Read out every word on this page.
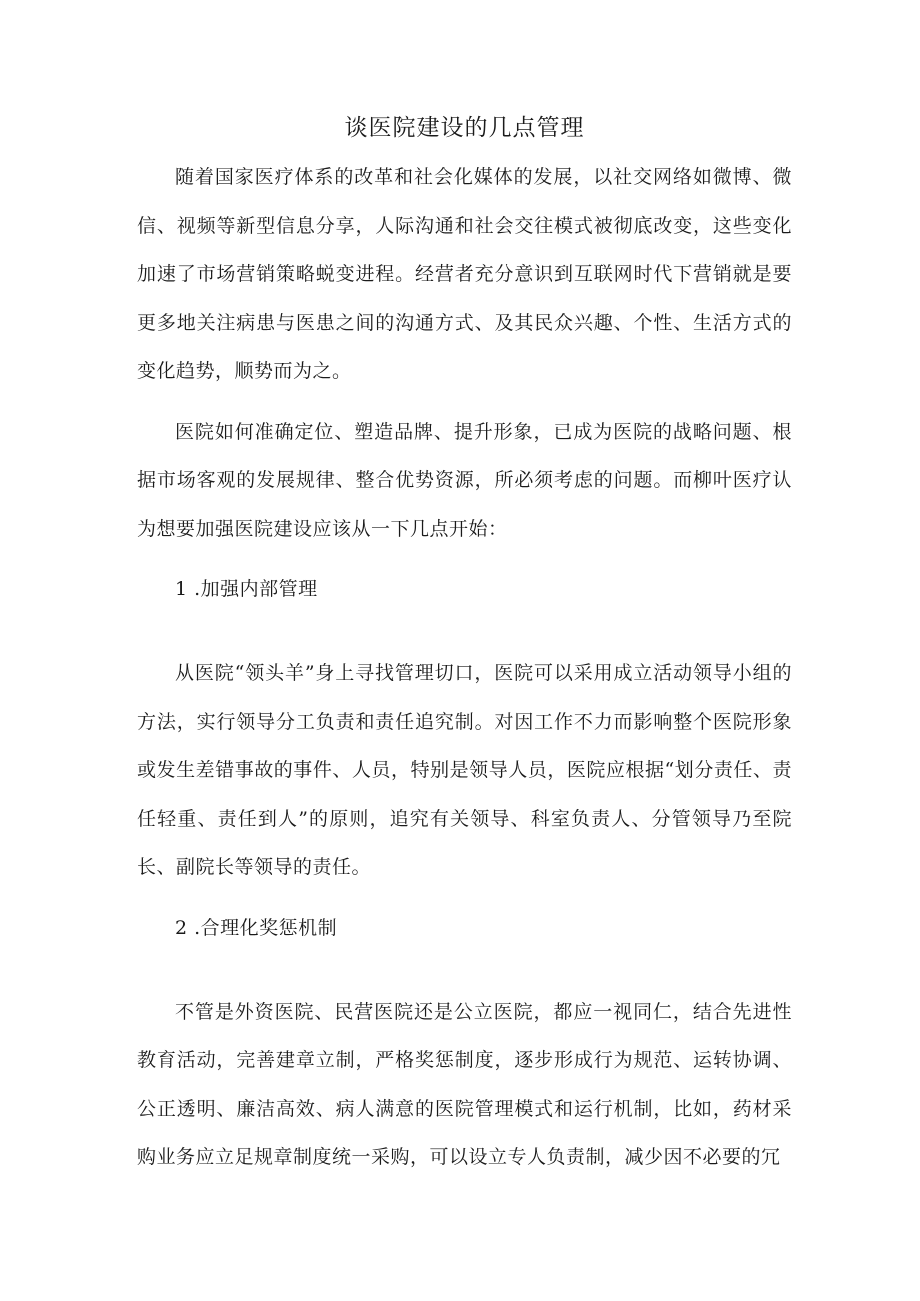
谈医院建设的几点管理

随着国家医疗体系的改革和社会化媒体的发展，以社交网络如微博、微信、视频等新型信息分享，人际沟通和社会交往模式被彻底改变，这些变化加速了市场营销策略蜕变进程。经营者充分意识到互联网时代下营销就是要更多地关注病患与医患之间的沟通方式、及其民众兴趣、个性、生活方式的变化趋势，顺势而为之。

医院如何准确定位、塑造品牌、提升形象，已成为医院的战略问题、根据市场客观的发展规律、整合优势资源，所必须考虑的问题。而柳叶医疗认为想要加强医院建设应该从一下几点开始：

1 .加强内部管理

从医院“领头羊”身上寻找管理切口，医院可以采用成立活动领导小组的方法，实行领导分工负责和责任追究制。对因工作不力而影响整个医院形象或发生差错事故的事件、人员，特别是领导人员，医院应根据“划分责任、责任轻重、责任到人”的原则，追究有关领导、科室负责人、分管领导乃至院长、副院长等领导的责任。

2 .合理化奖惩机制

不管是外资医院、民营医院还是公立医院，都应一视同仁，结合先进性教育活动，完善建章立制，严格奖惩制度，逐步形成行为规范、运转协调、公正透明、廉洁高效、病人满意的医院管理模式和运行机制，比如，药材采购业务应立足规章制度统一采购，可以设立专人负责制，减少因不必要的冗
